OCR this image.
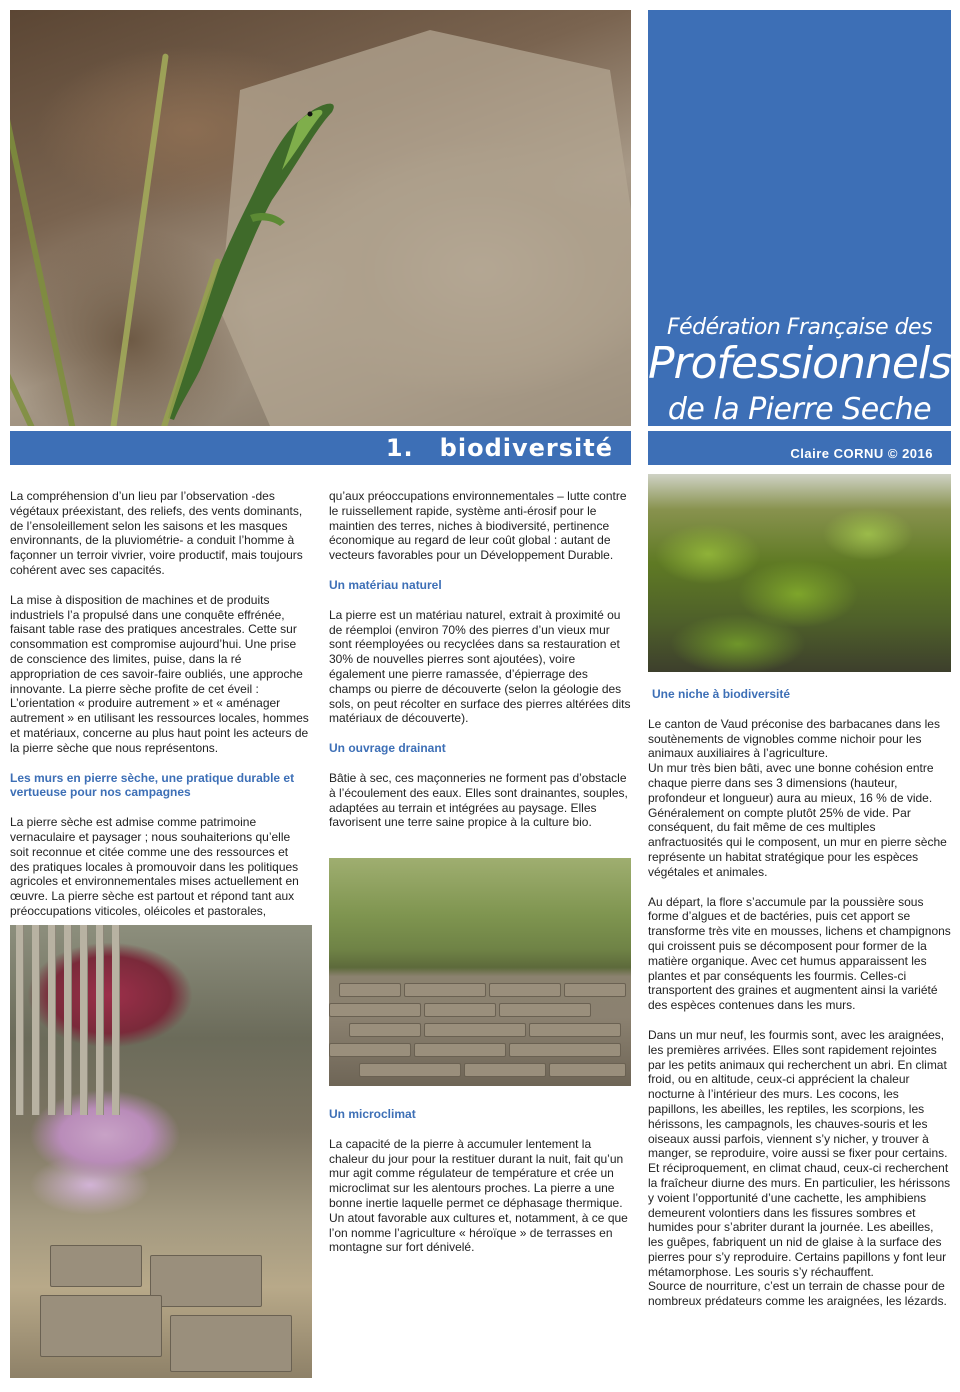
Fédération Française des
Professionnels
de la Pierre Seche
1. biodiversité	Claire CORNU © 2016

La compréhension d’un lieu par l’observation -des végétaux préexistant, des reliefs, des vents dominants, de l’ensoleillement selon les saisons et les masques environnants, de la pluviométrie- a conduit l’homme à façonner un terroir vivrier, voire productif, mais toujours cohérent avec ses capacités.

La mise à disposition de machines et de produits industriels l’a propulsé dans une conquête effrénée, faisant table rase des pratiques ancestrales. Cette sur consommation est compromise aujourd’hui. Une prise de conscience des limites, puise, dans la ré appropriation de ces savoir-faire oubliés, une approche innovante. La pierre sèche profite de cet éveil : L’orientation « produire autrement » et « aménager autrement » en utilisant les ressources locales, hommes et matériaux, concerne au plus haut point les acteurs de la pierre sèche que nous représentons.

Les murs en pierre sèche, une pratique durable et vertueuse pour nos campagnes

La pierre sèche est admise comme patrimoine vernaculaire et paysager ; nous souhaiterions qu’elle soit reconnue et citée comme une des ressources et des pratiques locales à promouvoir dans les politiques agricoles et environnementales mises actuellement en œuvre. La pierre sèche est partout et répond tant aux préoccupations viticoles, oléicoles et pastorales,

qu’aux préoccupations environnementales – lutte contre le ruissellement rapide, système anti-érosif pour le maintien des terres, niches à biodiversité, pertinence économique au regard de leur coût global : autant de vecteurs favorables pour un Développement Durable.

Un matériau naturel

La pierre est un matériau naturel, extrait à proximité ou de réemploi (environ 70% des pierres d’un vieux mur sont réemployées ou recyclées dans sa restauration et 30% de nouvelles pierres sont ajoutées), voire également une pierre ramassée, d’épierrage des champs ou pierre de découverte (selon la géologie des sols, on peut récolter en surface des pierres altérées dits matériaux de découverte).

Un ouvrage drainant

Bâtie à sec, ces maçonneries ne forment pas d’obstacle à l’écoulement des eaux. Elles sont drainantes, souples, adaptées au terrain et intégrées au paysage. Elles favorisent une terre saine propice à la culture bio.

Un microclimat

La capacité de la pierre à accumuler lentement la chaleur du jour pour la restituer durant la nuit, fait qu’un mur agit comme régulateur de température et crée un microclimat sur les alentours proches. La pierre a une bonne inertie laquelle permet ce déphasage thermique. Un atout favorable aux cultures et, notamment, à ce que l’on nomme l’agriculture « héroïque » de terrasses en montagne sur fort dénivelé.

Une niche à biodiversité

Le canton de Vaud préconise des barbacanes dans les soutènements de vignobles comme nichoir pour les animaux auxiliaires à l’agriculture.
Un mur très bien bâti, avec une bonne cohésion entre chaque pierre dans ses 3 dimensions (hauteur, profondeur et longueur) aura au mieux, 16 % de vide. Généralement on compte plutôt 25% de vide. Par conséquent, du fait même de ces multiples anfractuosités qui le composent, un mur en pierre sèche représente un habitat stratégique pour les espèces végétales et animales.

Au départ, la flore s’accumule par la poussière sous forme d’algues et de bactéries, puis cet apport se transforme très vite en mousses, lichens et champignons qui croissent puis se décomposent pour former de la matière organique. Avec cet humus apparaissent les plantes et par conséquents les fourmis. Celles-ci transportent des graines et augmentent ainsi la variété des espèces contenues dans les murs.

Dans un mur neuf, les fourmis sont, avec les araignées, les premières arrivées. Elles sont rapidement rejointes par les petits animaux qui recherchent un abri. En climat froid, ou en altitude, ceux-ci apprécient la chaleur nocturne à l’intérieur des murs. Les cocons, les papillons, les abeilles, les reptiles, les scorpions, les hérissons, les campagnols, les chauves-souris et les oiseaux aussi parfois, viennent s’y nicher, y trouver à manger, se reproduire, voire aussi se fixer pour certains. Et réciproquement, en climat chaud, ceux-ci recherchent la fraîcheur diurne des murs. En particulier, les hérissons y voient l’opportunité d’une cachette, les amphibiens demeurent volontiers dans les fissures sombres et humides pour s’abriter durant la journée. Les abeilles, les guêpes, fabriquent un nid de glaise à la surface des pierres pour s’y reproduire. Certains papillons y font leur métamorphose. Les souris s’y réchauffent.
Source de nourriture, c’est un terrain de chasse pour de nombreux prédateurs comme les araignées, les lézards.
